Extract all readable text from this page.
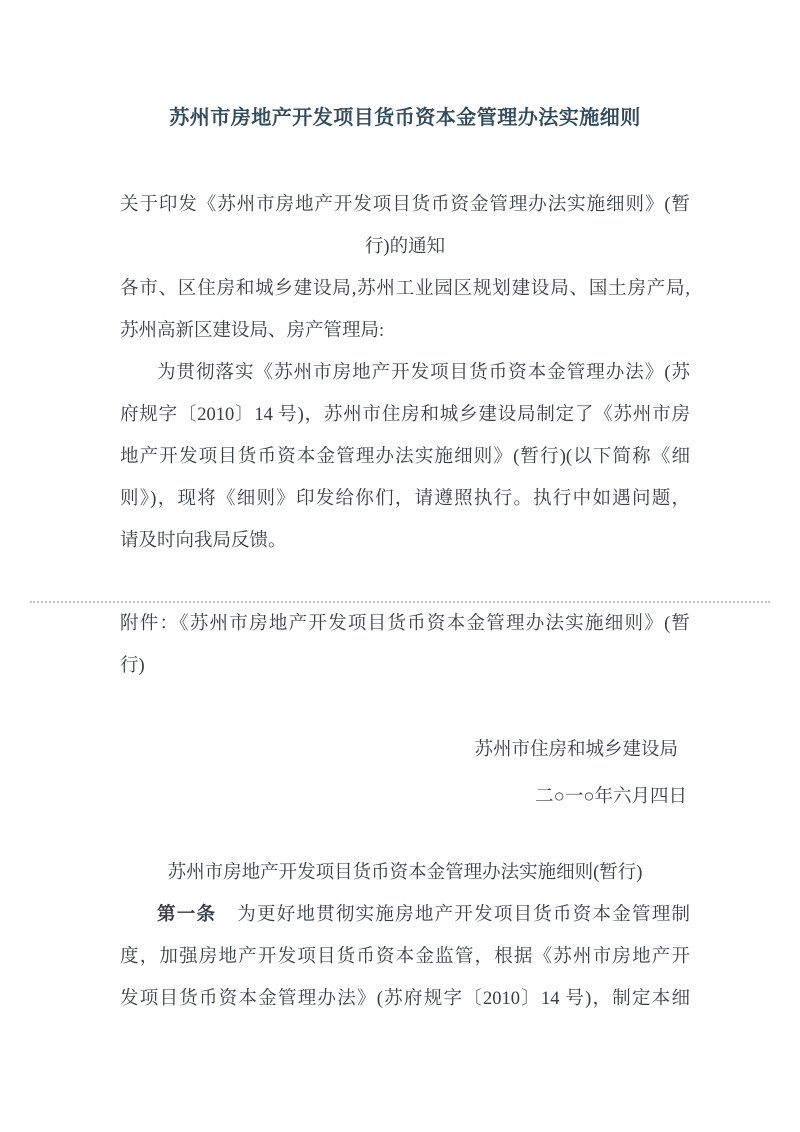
苏州市房地产开发项目货币资本金管理办法实施细则
关于印发《苏州市房地产开发项目货币资金管理办法实施细则》(暂
行)的通知
各市、区住房和城乡建设局,苏州工业园区规划建设局、国土房产局,
苏州高新区建设局、房产管理局:
为贯彻落实《苏州市房地产开发项目货币资本金管理办法》(苏
府规字〔2010〕14 号)，苏州市住房和城乡建设局制定了《苏州市房
地产开发项目货币资本金管理办法实施细则》(暂行)(以下简称《细
则》)，现将《细则》印发给你们，请遵照执行。执行中如遇问题，
请及时向我局反馈。
附件：《苏州市房地产开发项目货币资本金管理办法实施细则》(暂
行)
苏州市住房和城乡建设局
二○一○年六月四日
苏州市房地产开发项目货币资本金管理办法实施细则(暂行)
第一条 为更好地贯彻实施房地产开发项目货币资本金管理制
度，加强房地产开发项目货币资本金监管，根据《苏州市房地产开
发项目货币资本金管理办法》(苏府规字〔2010〕14 号)，制定本细
